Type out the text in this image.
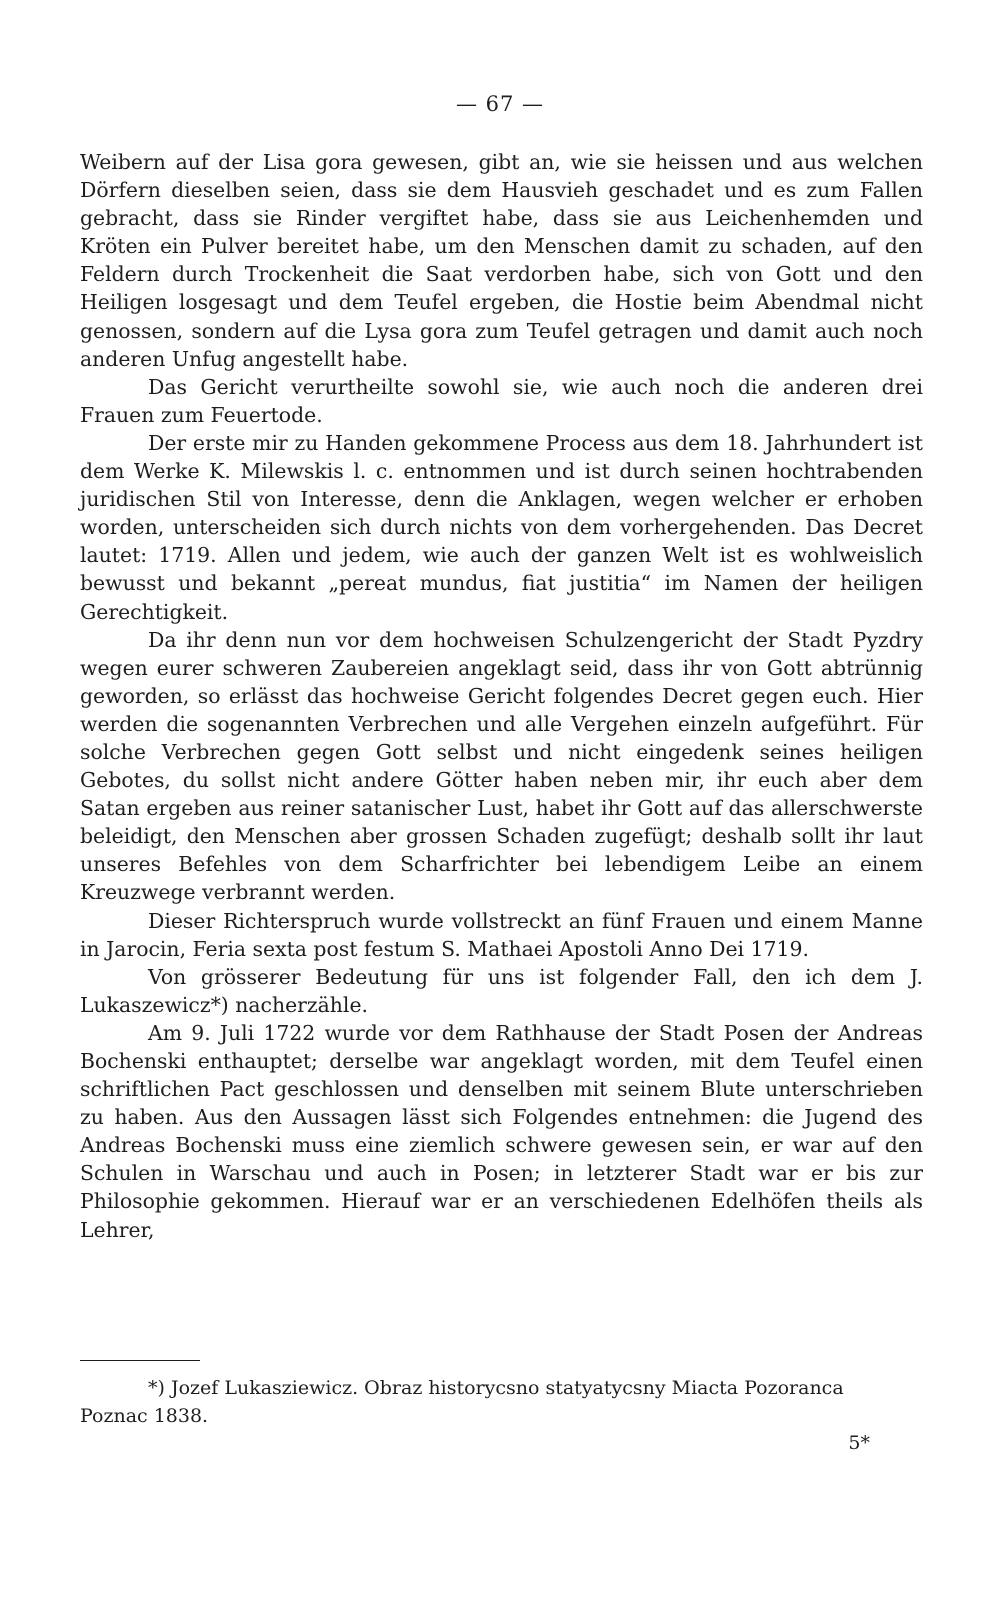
— 67 —

Weibern auf der Lisa gora gewesen, gibt an, wie sie heissen und aus welchen Dörfern dieselben seien, dass sie dem Hausvieh geschadet und es zum Fallen gebracht, dass sie Rinder vergiftet habe, dass sie aus Leichenhemden und Kröten ein Pulver bereitet habe, um den Menschen damit zu schaden, auf den Feldern durch Trockenheit die Saat verdorben habe, sich von Gott und den Heiligen losgesagt und dem Teufel ergeben, die Hostie beim Abendmal nicht genossen, sondern auf die Lysa gora zum Teufel getragen und damit auch noch anderen Unfug angestellt habe.

Das Gericht verurtheilte sowohl sie, wie auch noch die anderen drei Frauen zum Feuertode.

Der erste mir zu Handen gekommene Process aus dem 18. Jahrhundert ist dem Werke K. Milewskis l. c. entnommen und ist durch seinen hochtrabenden juridischen Stil von Interesse, denn die Anklagen, wegen welcher er erhoben worden, unterscheiden sich durch nichts von dem vorhergehenden. Das Decret lautet: 1719. Allen und jedem, wie auch der ganzen Welt ist es wohlweislich bewusst und bekannt „pereat mundus, fiat justitia“ im Namen der heiligen Gerechtigkeit.

Da ihr denn nun vor dem hochweisen Schulzengericht der Stadt Pyzdry wegen eurer schweren Zaubereien angeklagt seid, dass ihr von Gott abtrünnig geworden, so erlässt das hochweise Gericht folgendes Decret gegen euch. Hier werden die sogenannten Verbrechen und alle Vergehen einzeln aufgeführt. Für solche Verbrechen gegen Gott selbst und nicht eingedenk seines heiligen Gebotes, du sollst nicht andere Götter haben neben mir, ihr euch aber dem Satan ergeben aus reiner satanischer Lust, habet ihr Gott auf das allerschwerste beleidigt, den Menschen aber grossen Schaden zugefügt; deshalb sollt ihr laut unseres Befehles von dem Scharfrichter bei lebendigem Leibe an einem Kreuzwege verbrannt werden.

Dieser Richterspruch wurde vollstreckt an fünf Frauen und einem Manne in Jarocin, Feria sexta post festum S. Mathaei Apostoli Anno Dei 1719.

Von grösserer Bedeutung für uns ist folgender Fall, den ich dem J. Lukaszewicz*) nacherzähle.

Am 9. Juli 1722 wurde vor dem Rathhause der Stadt Posen der Andreas Bochenski enthauptet; derselbe war angeklagt worden, mit dem Teufel einen schriftlichen Pact geschlossen und denselben mit seinem Blute unterschrieben zu haben. Aus den Aussagen lässt sich Folgendes entnehmen: die Jugend des Andreas Bochenski muss eine ziemlich schwere gewesen sein, er war auf den Schulen in Warschau und auch in Posen; in letzterer Stadt war er bis zur Philosophie gekommen. Hierauf war er an verschiedenen Edelhöfen theils als Lehrer,

*) Jozef Lukasziewicz. Obraz historycsno statyatycsny Miacta Pozoranca
Poznac 1838.
5*
